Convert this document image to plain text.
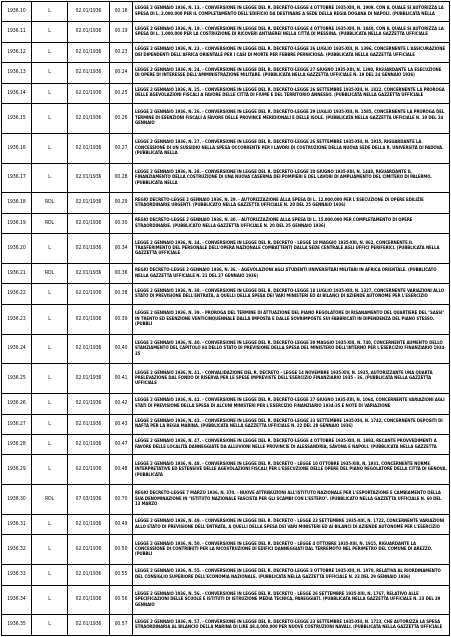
1936.10	L	02.01/1936	00.18	LEGGE 2 GENNAIO 1936, N. 13. - CONVERSIONE IN LEGGE DEL R. DECRETO-LEGGE 4 OTTOBRE 1935-XIII, N. 1909, CON IL QUALE SI AUTORIZZA LA SPESA DI L. 2.000.000 PER IL COMPLETAMENTO DELL'EDIFICIO DA DESTINARE A SEDE DELLA REGIA DOGANA DI NAPOLI. (PUBBLICATA NELLA
1936.11	L	02.01/1936	00.19	LEGGE 2 GENNAIO 1936, N. 19. - CONVERSIONE IN LEGGE DEL R. DECRETO-LEGGE 4 OTTOBRE 1935-XIII, N. 1840, CON IL QUALE SI AUTORIZZA LA SPESA DI L. 1.000.000 PER LA COSTRUZIONE DI RICOVERI ANTIAEREI NELLA CITTÀ DI MESSINA. (PUBBLICATA NELLA GAZZETTA UFFICIALE
1936.12	L	02.01/1936	00.23	LEGGE 2 GENNAIO 1936, N. 23. - CONVERSIONE IN LEGGE DEL R. DECRETO-LEGGE 26 LUGLIO 1935-XIII, N. 1396, CONCERNENTE L'ASSICURAZIONE DEI DIPENDENTI DELL'AFRICA ORIENTALE PER I CASI DI MORTE PER FEBBRE PERNICIOSA. (PUBBLICATA NELLA GAZZETTA UFFICIALE
1936.13	L	02.01/1936	00.24	LEGGE 2 GENNAIO 1936, N. 24. - CONVERSIONE IN LEGGE DEL R. DECRETO-LEGGE 27 GIUGNO 1935-XIII, N. 1390, RIGUARDANTE LA ESECUZIONE DI OPERE DI INTERESSE DELL'AMMINISTRAZIONE MILITARE. (PUBBLICATA NELLA GAZZETTA UFFICIALE N. 19 DEL 24 GENNAIO 1936)
1936.14	L	02.01/1936	00.25	LEGGE 2 GENNAIO 1936, N. 25. - CONVERSIONE IN LEGGE DEL R. DECRETO-LEGGE 26 SETTEMBRE 1935-XIII, N. 1822, CONCERNENTE LA PROROGA DELLE AGEVOLAZIONI FISCALI A FAVORE DELLE CITTÀ DI FIUME E DEL TERRITORIO ANNESSO. (PUBBLICATA NELLA GAZZETTA UFFICIALE
1936.15	L	02.01/1936	00.26	LEGGE 2 GENNAIO 1936, N. 26. - CONVERSIONE IN LEGGE DEL R. DECRETO-LEGGE 29 LUGLIO 1935-XIII, N. 1585, CONCERNENTE LA PROROGA DEL TERMINE DI ESENZIONI FISCALI A FAVORE DELLE PROVINCE MERIDIONALI E DELLE ISOLE. (PUBBLICATA NELLA GAZZETTA UFFICIALE N. 19 DEL 24 GENNAIO
1936.16	L	02.01/1936	00.27	LEGGE 2 GENNAIO 1936, N. 27. - CONVERSIONE IN LEGGE DEL R. DECRETO-LEGGE 26 SETTEMBRE 1935-XIII, N. 1915, RIGUARDANTE LA CONCESSIONE DI UN SUSSIDIO NELLA SPESA OCCORRENTE PER I LAVORI DI COSTRUZIONE DELLA NUOVA SEDE DELLA R. UNIVERSITÀ DI PADOVA. (PUBBLICATA NELLA
1936.17	L	02.01/1936	00.28	LEGGE 2 GENNAIO 1936, N. 28. - CONVERSIONE IN LEGGE DEL R. DECRETO-LEGGE 20 GIUGNO 1935-XIII, N. 1448, RIGUARDANTE IL FINANZIAMENTO DELLA COSTRUZIONE DI UNA NUOVA CASERMA DEI POMPIERI E DEL LAVORI DI AMPLIAMENTO DEL CIMITERO DI PALERMO. (PUBBLICATA NELLA
1936.18	RDL	02.01/1936	00.29	REGIO DECRETO-LEGGE 2 GENNAIO 1936, N. 29. - AUTORIZZAZIONE ALLA SPESA DI L. 12.000.000 PER L'ESECUZIONE DI OPERE EDILIZIE STRAORDINARIE URGENTI. (PUBBLICATO NELLA GAZZETTA UFFICIALE N. 20 DEL 25 GENNAIO 1936)
1936.19	RDL	02.01/1936	00.30	REGIO DECRETO-LEGGE 2 GENNAIO 1936, N. 30. - AUTORIZZAZIONE ALLA SPESA DI L. 15.000.000 PER COMPLETAMENTO DI OPERE STRAORDINARIE. (PUBBLICATO NELLA GAZZETTA UFFICIALE N. 20 DEL 25 GENNAIO 1936)
1936.20	L	02.01/1936	00.34	LEGGE 2 GENNAIO 1936, N. 34. - CONVERSIONE IN LEGGE DEL R. DECRETO - LEGGE 18 MAGGIO 1935-XIII, N. 862, CONCERNENTE IL TRASFERIMENTO DEL PERSONALE DELL'OPERA NAZIONALE COMBATTENTI DALLA SEDE CENTRALE AGLI UFFICI PERIFERICI. (PUBBLICATA NELLA GAZZETTA UFFICIALE
1936.21	RDL	02.01/1936	00.36	REGIO DECRETO-LEGGE 2 GENNAIO 1936, N. 36. - AGEVOLAZIONI AGLI STUDENTI UNIVERSITARI MILITARI IN AFRICA ORIENTALE. (PUBBLICATO NELLA GAZZETTA UFFICIALE N. 21 DEL 27 GENNAIO 1936)
1936.22	L	02.01/1936	00.38	LEGGE 2 GENNAIO 1936, N. 38. - CONVERSIONE IN LEGGE DEL R. DECRETO-LEGGE 18 LUGLIO 1935-XIII, N. 1327, CONCERNENTE VARIAZIONI ALLO STATO DI PREVISIONE DELL'ENTRATA, A QUELLI DELLA SPESA DEI VARI MINISTERI ED AI BILANCI DI AZIENDE AUTONOME PER L'ESERCIZIO
1936.23	L	02.01/1936	00.39	LEGGE 2 GENNAIO 1936, N. 39. - PROROGA DEL TERMINE DI ATTUAZIONE DEL PIANO REGOLATORE DI RISANAMENTO DEL QUARTIERE DEL "SASSI" IN TRENTO ED ESENZIONE VENTICINQUENNALE DALLA IMPOSTA E DALLE SOVRIMPOSTE SUI FABBRICATI IN DIPENDENZA DEL PIANO STESSO. (PUBBLI
1936.24	L	02.01/1936	00.40	LEGGE 2 GENNAIO 1936, N. 40. - CONVERSIONE IN LEGGE DEL R. DECRETO-LEGGE 30 MAGGIO 1935-XIII, N. 740, CONCERNENTE AUMENTO DELLO STANZIAMENTO DEL CAPITOLO 84 DELLO STATO DI PREVISIONE DELLA SPESA DEL MINISTERO DELL'INTERNO PER L'ESERCIZIO FINANZIARIO 1934-35
1936.25	L	02.01/1936	00.41	LEGGE 2 GENNAIO 1936, N. 41. - CONVALIDAZIONE DEL R. DECRETO - LEGGE 14 NOVEMBRE 1935-XIV, N. 1935, AUTORIZZANTE UNA QUARTA PRELEVAZIONE DAL FONDO DI RISERVA PER LE SPESE IMPREVISTE DELL'ESERCIZIO FINANZIARIO 1935 - 36. (PUBBLICATA NELLA GAZZETTA UFFICIALE
1936.26	L	02.01/1936	00.42	LEGGE 2 GENNAIO 1936, N. 42. - CONVERSIONE IN LEGGE DEL R. DECRETO-LEGGE 27 GIUGNO 1935-XIII, N. 1064, CONCERNENTE VARIAZIONI AGLI STATI DI PREVISIONE DELLA SPESA DI ALCUNI MINISTERI PER L'ESERCIZIO FINANZIARIO 1934-35 E NOTE DI VARIAZIONE
1936.27	L	02.01/1936	00.43	LEGGE 2 GENNAIO 1936, N. 43. - CONVERSIONE IN LEGGE DEL R. DECRETO-LEGGE 23 SETTEMBRE 1935-XIII, N. 1742, CONCERNENTE DEPOSITI DI NAFTA PER LA REGIA MARINA. (PUBBLICATA NELLA GAZZETTA UFFICIALE N. 22 DEL 28 GENNAIO 1936)
1936.28	L	02.01/1936	00.47	LEGGE 2 GENNAIO 1936, N. 47. - CONVERSIONE IN LEGGE DEL R. DECRETO-LEGGE 4 OTTOBRE 1935-XIII, N. 1893, RECANTE PROVVEDIMENTI A FAVORE DELLE LOCALITÀ DANNEGGIATE DA ALLUVIONI NELLE PROVINCIE DI ALESSANDRIA, SAVONA E NAPOLI. (PUBBLICATA NELLA GAZZETTA
1936.29	L	02.01/1936	00.48	LEGGE 2 GENNAIO 1936, N. 48. - CONVERSIONE IN LEGGE DEL R. DECRETO - LEGGE 10 OTTOBRE 1935-XIII, N. 1931, CONCERNENTE NORME INTERPRETATIVE ED ESTENSIVE DELLE AGEVOLAZIONI FISCALI PER L'ESECUZIONE DELLE OPERE DEL PIANO REGOLATORE DELLA CITTÀ DI GENOVA. (PUBBLICATA
1936.30	RDL	07.03/1936	00.70	REGIO DECRETO-LEGGE 7 MARZO 1936, N. 370. - NUOVE ATTRIBUZIONI ALL'ISTITUTO NAZIONALE PER L'ESPORTAZIONE E CAMBIAMENTO DELLA SUA DENOMINAZIONE IN "ISTITUTO NAZIONALE FASCISTA PER GLI SCAMBI CON L'ESTERO". (PUBBLICATO NELLA GAZZETTA UFFICIALE N. 60 DEL 13 MARZO
1936.31	L	02.01/1936	00.49	LEGGE 2 GENNAIO 1936, N. 49. - CONVERSIONE IN LEGGE DEL R. DECRETO - LEGGE 23 SETTEMBRE 1935-XIII, N. 1722, CONCERNENTE VARIAZIONI ALLO STATO DI PREVISIONE DELL'ENTRATA, A QUELLI DELLA SPESA DEI VARI MINISTERI ED AI BILANCI DI AZIENDE AUTONOME PER L'ESERCIZIO
1936.32	L	02.01/1936	00.50	LEGGE 2 GENNAIO 1936, N. 50. - CONVERSIONE IN LEGGE DEL R. DECRETO - LEGGE 4 OTTOBRE 1935-XIII, N. 1915, RIGUARDANTE LA CONCESSIONE DI CONTRIBUTI PER LA RICOSTRUZIONE DI EDIFICI DANNEGGIATI DAL TERREMOTO NEL PERIMETRO DEL COMUNE DI AREZZO. (PUBBLI
1936.33	L	02.01/1936	00.55	LEGGE 2 GENNAIO 1936, N. 55. - CONVERSIONE IN LEGGE DEL R. DECRETO-LEGGE 3 OTTOBRE 1935-XIII, N. 1970, RELATIVA AL RIORDINAMENTO DEL CONSIGLIO SUPERIORE DELL'ECONOMIA NAZIONALE. (PUBBLICATA NELLA GAZZETTA UFFICIALE N. 23 DEL 29 GENNAIO 1936)
1936.34	L	02.01/1936	00.56	LEGGE 2 GENNAIO 1936, N. 56. - CONVERSIONE IN LEGGE DEL R. DECRETO - LEGGE 26 SETTEMBRE 1935-XIII, N. 1767, RELATIVO ALLE SPECIFICAZIONI DELLE SCUOLE E ISTITUTI DI ISTRUZIONE MEDIA TECNICA, PAREGGIATI. (PUBBLICATA NELLA GAZZETTA UFFICIALE N. 23 DEL 29 GENNAIO
1936.35	L	02.01/1936	00.57	LEGGE 2 GENNAIO 1936, N. 57. - CONVERSIONE IN LEGGE DEL R. DECRETO-LEGGE 23 SETTEMBRE 1935-XIII, N. 1723, CHE AUTORIZZA LA SPESA STRAORDINARIA AL BILANCIO DELLA MARINA DI LIRE 48.4.000.000 PER NUOVE COSTRUZIONI NAVALI. (PUBBLICATA NELLA GAZZETTA UFFICIALE
